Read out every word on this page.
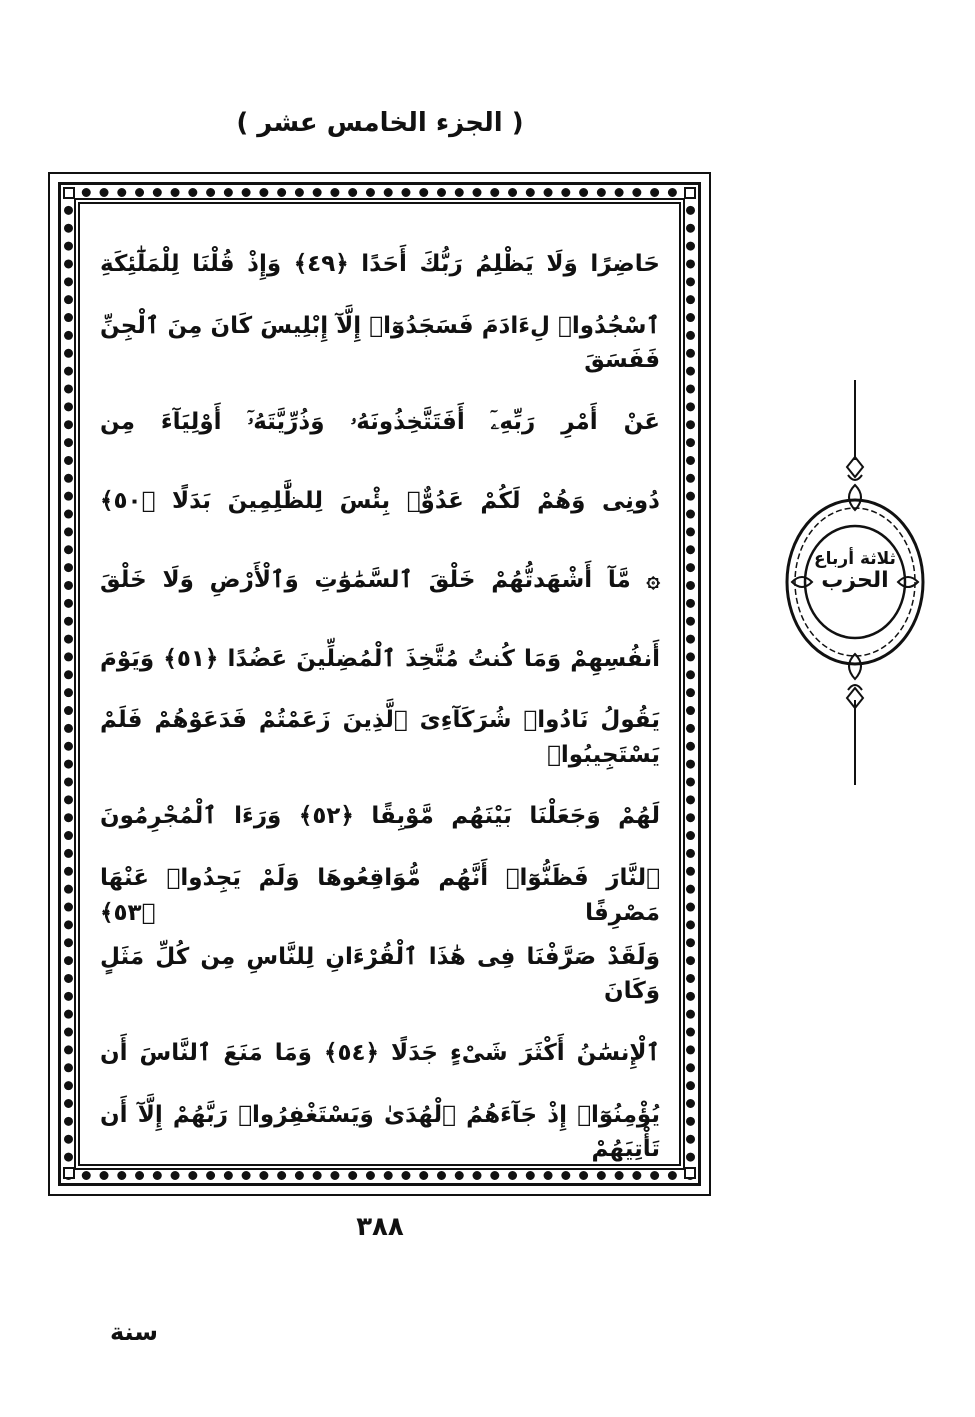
( الجزء الخامس عشر )
حَاضِرًا وَلَا يَظْلِمُ رَبُّكَ أَحَدًا ﴿٤٩﴾ وَإِذْ قُلْنَا لِلْمَلَٰٓئِكَةِ
ٱسْجُدُوا۟ لِءَادَمَ فَسَجَدُوٓا۟ إِلَّآ إِبْلِيسَ كَانَ مِنَ ٱلْجِنِّ فَفَسَقَ
عَنْ أَمْرِ رَبِّهِۦٓ أَفَتَتَّخِذُونَهُۥ وَذُرِّيَّتَهُۥٓ أَوْلِيَآءَ مِن
دُونِى وَهُمْ لَكُمْ عَدُوٌّۢ بِئْسَ لِلظَّٰلِمِينَ بَدَلًا ﴿٥٠﴾
۞ مَّآ أَشْهَدتُّهُمْ خَلْقَ ٱلسَّمَٰوَٰتِ وَٱلْأَرْضِ وَلَا خَلْقَ
أَنفُسِهِمْ وَمَا كُنتُ مُتَّخِذَ ٱلْمُضِلِّينَ عَضُدًا ﴿٥١﴾ وَيَوْمَ
يَقُولُ نَادُوا۟ شُرَكَآءِىَ ٱلَّذِينَ زَعَمْتُمْ فَدَعَوْهُمْ فَلَمْ يَسْتَجِيبُوا۟
لَهُمْ وَجَعَلْنَا بَيْنَهُم مَّوْبِقًا ﴿٥٢﴾ وَرَءَا ٱلْمُجْرِمُونَ
ٱلنَّارَ فَظَنُّوٓا۟ أَنَّهُم مُّوَاقِعُوهَا وَلَمْ يَجِدُوا۟ عَنْهَا مَصْرِفًا ﴿٥٣﴾
وَلَقَدْ صَرَّفْنَا فِى هَٰذَا ٱلْقُرْءَانِ لِلنَّاسِ مِن كُلِّ مَثَلٍ وَكَانَ
ٱلْإِنسَٰنُ أَكْثَرَ شَىْءٍ جَدَلًا ﴿٥٤﴾ وَمَا مَنَعَ ٱلنَّاسَ أَن
يُؤْمِنُوٓا۟ إِذْ جَآءَهُمُ ٱلْهُدَىٰ وَيَسْتَغْفِرُوا۟ رَبَّهُمْ إِلَّآ أَن تَأْتِيَهُمْ
ثلاثة أرباع
الحزب
٣٨٨
سنة
